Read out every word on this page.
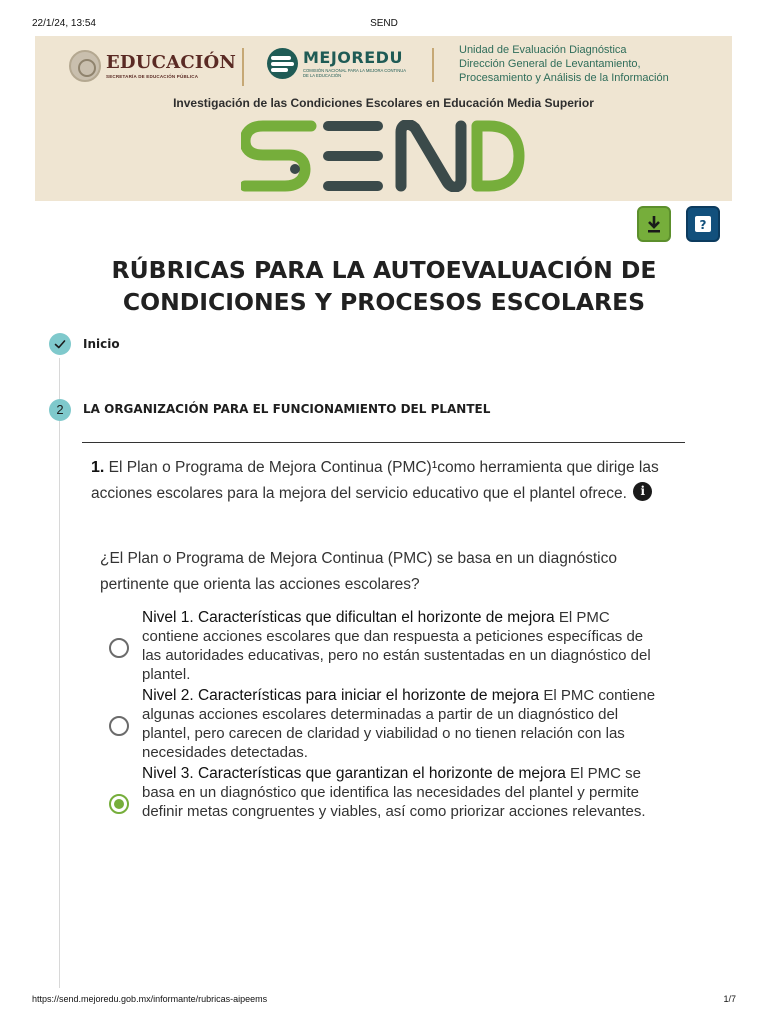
22/1/24, 13:54	SEND
EDUCACIÓN
SECRETARÍA DE EDUCACIÓN PÚBLICA
MEJOREDU
COMISIÓN NACIONAL PARA LA MEJORA CONTINUA DE LA EDUCACIÓN
Unidad de Evaluación Diagnóstica
Dirección General de Levantamiento,
Procesamiento y Análisis de la Información
Investigación de las Condiciones Escolares en Educación Media Superior
?
RÚBRICAS PARA LA AUTOEVALUACIÓN DE CONDICIONES Y PROCESOS ESCOLARES
Inicio
2	LA ORGANIZACIÓN PARA EL FUNCIONAMIENTO DEL PLANTEL
1. El Plan o Programa de Mejora Continua (PMC)$^1$como herramienta que dirige las acciones escolares para la mejora del servicio educativo que el plantel ofrece. i
¿El Plan o Programa de Mejora Continua (PMC) se basa en un diagnóstico pertinente que orienta las acciones escolares?
Nivel 1. Características que dificultan el horizonte de mejora El PMC contiene acciones escolares que dan respuesta a peticiones específicas de las autoridades educativas, pero no están sustentadas en un diagnóstico del plantel.
Nivel 2. Características para iniciar el horizonte de mejora El PMC contiene algunas acciones escolares determinadas a partir de un diagnóstico del plantel, pero carecen de claridad y viabilidad o no tienen relación con las necesidades detectadas.
Nivel 3. Características que garantizan el horizonte de mejora El PMC se basa en un diagnóstico que identifica las necesidades del plantel y permite definir metas congruentes y viables, así como priorizar acciones relevantes.
https://send.mejoredu.gob.mx/informante/rubricas-aipeems	1/7
